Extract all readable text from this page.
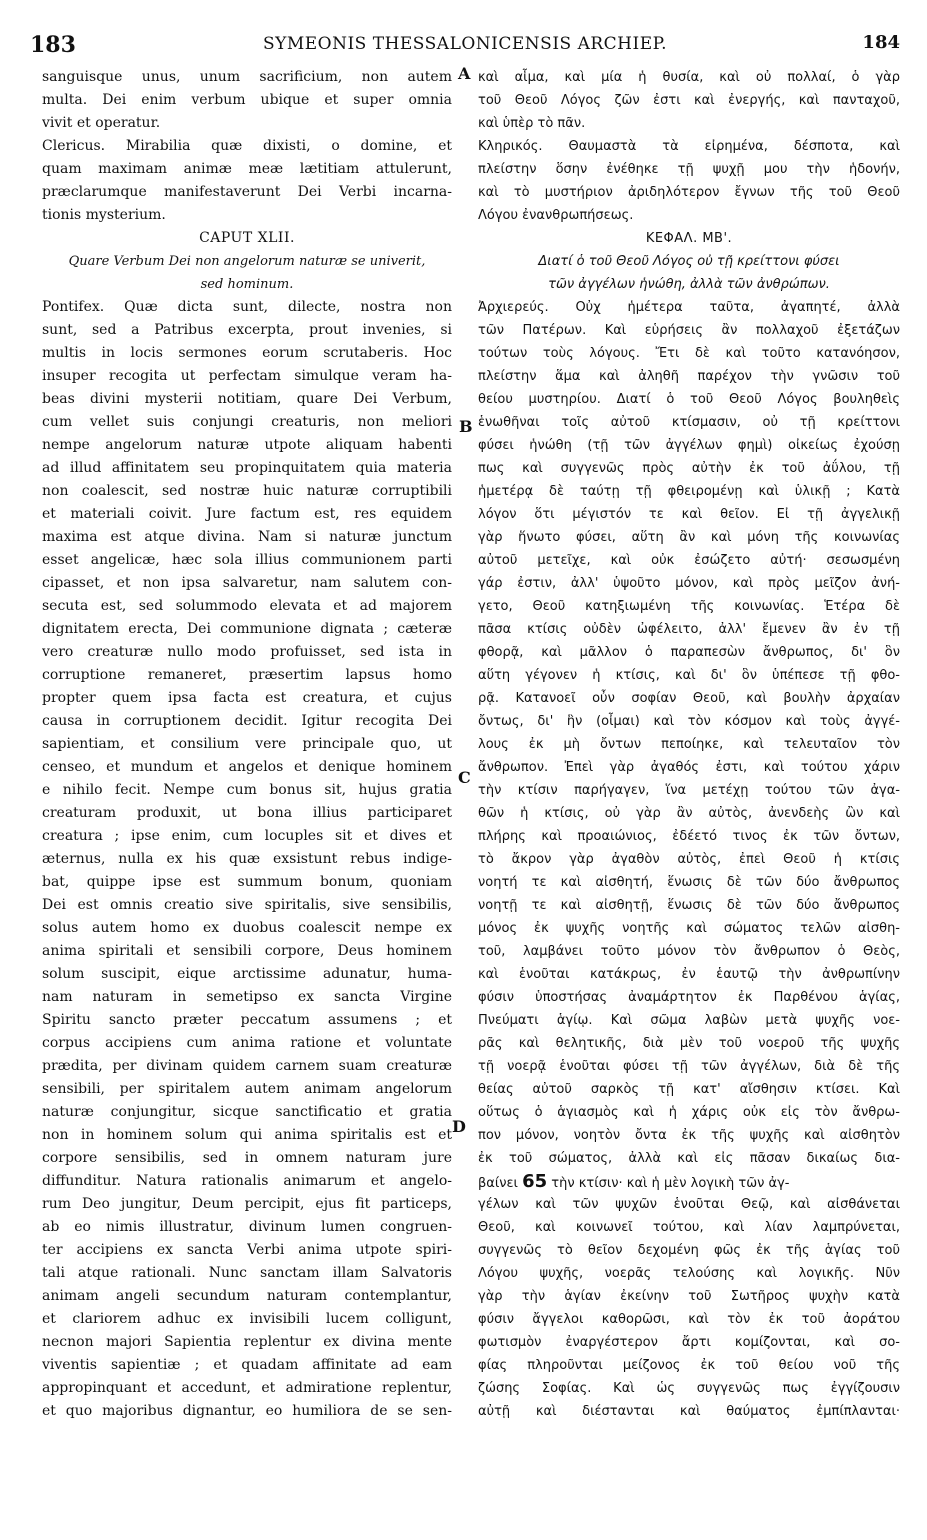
183	SYMEONIS THESSALONICENSIS ARCHIEP.	184
A
B
C
D
sanguisque unus, unum sacrificium, non autem
multa. Dei enim verbum ubique et super omnia
vivit et operatur.
Clericus. Mirabilia quæ dixisti, o domine, et
quam maximam animæ meæ lætitiam attulerunt,
præclarumque manifestaverunt Dei Verbi incarna-
tionis mysterium.
CAPUT XLII.
Quare Verbum Dei non angelorum naturæ se univerit,
sed hominum.
Pontifex. Quæ dicta sunt, dilecte, nostra non
sunt, sed a Patribus excerpta, prout invenies, si
multis in locis sermones eorum scrutaberis. Hoc
insuper recogita ut perfectam simulque veram ha-
beas divini mysterii notitiam, quare Dei Verbum,
cum vellet suis conjungi creaturis, non meliori
nempe angelorum naturæ utpote aliquam habenti
ad illud affinitatem seu propinquitatem quia materia
non coalescit, sed nostræ huic naturæ corruptibili
et materiali coivit. Jure factum est, res equidem
maxima est atque divina. Nam si naturæ junctum
esset angelicæ, hæc sola illius communionem parti
cipasset, et non ipsa salvaretur, nam salutem con-
secuta est, sed solummodo elevata et ad majorem
dignitatem erecta, Dei communione dignata ; cæteræ
vero creaturæ nullo modo profuisset, sed ista in
corruptione remaneret, præsertim lapsus homo
propter quem ipsa facta est creatura, et cujus
causa in corruptionem decidit. Igitur recogita Dei
sapientiam, et consilium vere principale quo, ut
censeo, et mundum et angelos et denique hominem
e nihilo fecit. Nempe cum bonus sit, hujus gratia
creaturam produxit, ut bona illius participaret
creatura ; ipse enim, cum locuples sit et dives et
æternus, nulla ex his quæ exsistunt rebus indige-
bat, quippe ipse est summum bonum, quoniam
Dei est omnis creatio sive spiritalis, sive sensibilis,
solus autem homo ex duobus coalescit nempe ex
anima spiritali et sensibili corpore, Deus hominem
solum suscipit, eique arctissime adunatur, huma-
nam naturam in semetipso ex sancta Virgine
Spiritu sancto præter peccatum assumens ; et
corpus accipiens cum anima ratione et voluntate
prædita, per divinam quidem carnem suam creaturæ
sensibili, per spiritalem autem animam angelorum
naturæ conjungitur, sicque sanctificatio et gratia
non in hominem solum qui anima spiritalis est et
corpore sensibilis, sed in omnem naturam jure
diffunditur. Natura rationalis animarum et angelo-
rum Deo jungitur, Deum percipit, ejus fit particeps,
ab eo nimis illustratur, divinum lumen congruen-
ter accipiens ex sancta Verbi anima utpote spiri-
tali atque rationali. Nunc sanctam illam Salvatoris
animam angeli secundum naturam contemplantur,
et clariorem adhuc ex invisibili lucem colligunt,
necnon majori Sapientia replentur ex divina mente
viventis sapientiæ ; et quadam affinitate ad eam
appropinquant et accedunt, et admiratione replentur,
et quo majoribus dignantur, eo humiliora de se sen-
καὶ αἷμα, καὶ μία ἡ θυσία, καὶ οὐ πολλαί, ὁ γὰρ
τοῦ Θεοῦ Λόγος ζῶν ἐστι καὶ ἐνεργής, καὶ πανταχοῦ,
καὶ ὑπὲρ τὸ πᾶν.
Κληρικός. Θαυμαστὰ τὰ εἰρημένα, δέσποτα, καὶ
πλείστην ὅσην ἐνέθηκε τῇ ψυχῇ μου τὴν ἡδονήν,
καὶ τὸ μυστήριον ἀριδηλότερον ἔγνων τῆς τοῦ Θεοῦ
Λόγου ἐνανθρωπήσεως.
ΚΕΦΑΛ. ΜΒ'.
Διατί ὁ τοῦ Θεοῦ Λόγος οὐ τῇ κρείττονι φύσει
τῶν ἀγγέλων ἡνώθη, ἀλλὰ τῶν ἀνθρώπων.
Ἀρχιερεύς. Οὐχ ἡμέτερα ταῦτα, ἀγαπητέ, ἀλλὰ
τῶν Πατέρων. Καὶ εὑρήσεις ἂν πολλαχοῦ ἐξετάζων
τούτων τοὺς λόγους. Ἔτι δὲ καὶ τοῦτο κατανόησον,
πλείστην ἅμα καὶ ἀληθῆ παρέχον τὴν γνῶσιν τοῦ
θείου μυστηρίου. Διατί ὁ τοῦ Θεοῦ Λόγος βουληθεὶς
ἑνωθῆναι τοῖς αὐτοῦ κτίσμασιν, οὐ τῇ κρείττονι
φύσει ἡνώθη (τῇ τῶν ἀγγέλων φημὶ) οἰκείως ἐχούσῃ
πως καὶ συγγενῶς πρὸς αὐτὴν ἐκ τοῦ ἀΰλου, τῇ
ἡμετέρᾳ δὲ ταύτῃ τῇ φθειρομένῃ καὶ ὑλικῇ ; Κατὰ
λόγον ὅτι μέγιστόν τε καὶ θεῖον. Εἰ τῇ ἀγγελικῇ
γὰρ ἥνωτο φύσει, αὕτη ἂν καὶ μόνη τῆς κοινωνίας
αὐτοῦ μετεῖχε, καὶ οὐκ ἐσώζετο αὐτή· σεσωσμένη
γάρ ἐστιν, ἀλλ' ὑψοῦτο μόνον, καὶ πρὸς μεῖζον ἀνή-
γετο, Θεοῦ κατηξιωμένη τῆς κοινωνίας. Ἑτέρα δὲ
πᾶσα κτίσις οὐδὲν ὠφέλειτο, ἀλλ' ἔμενεν ἂν ἐν τῇ
φθορᾷ, καὶ μᾶλλον ὁ παραπεσὼν ἄνθρωπος, δι' ὃν
αὕτη γέγονεν ἡ κτίσις, καὶ δι' ὃν ὑπέπεσε τῇ φθο-
ρᾷ. Κατανοεῖ οὖν σοφίαν Θεοῦ, καὶ βουλὴν ἀρχαίαν
ὄντως, δι' ἣν (οἶμαι) καὶ τὸν κόσμον καὶ τοὺς ἀγγέ-
λους ἐκ μὴ ὄντων πεποίηκε, καὶ τελευταῖον τὸν
ἄνθρωπον. Ἐπεὶ γὰρ ἀγαθός ἐστι, καὶ τούτου χάριν
τὴν κτίσιν παρήγαγεν, ἵνα μετέχῃ τούτου τῶν ἀγα-
θῶν ἡ κτίσις, οὐ γὰρ ἂν αὐτὸς, ἀνενδεὴς ὢν καὶ
πλήρης καὶ προαιώνιος, ἐδέετό τινος ἐκ τῶν ὄντων,
τὸ ἄκρον γὰρ ἀγαθὸν αὐτὸς, ἐπεὶ Θεοῦ ἡ κτίσις
νοητή τε καὶ αἰσθητή, ἕνωσις δὲ τῶν δύο ἄνθρωπος
νοητῇ τε καὶ αἰσθητῇ, ἕνωσις δὲ τῶν δύο ἄνθρωπος
μόνος ἐκ ψυχῆς νοητῆς καὶ σώματος τελῶν αἰσθη-
τοῦ, λαμβάνει τοῦτο μόνον τὸν ἄνθρωπον ὁ Θεὸς,
καὶ ἑνοῦται κατάκρως, ἐν ἑαυτῷ τὴν ἀνθρωπίνην
φύσιν ὑποστήσας ἀναμάρτητον ἐκ Παρθένου ἁγίας,
Πνεύματι ἁγίῳ. Καὶ σῶμα λαβὼν μετὰ ψυχῆς νοε-
ρᾶς καὶ θελητικῆς, διὰ μὲν τοῦ νοεροῦ τῆς ψυχῆς
τῇ νοερᾷ ἑνοῦται φύσει τῇ τῶν ἀγγέλων, διὰ δὲ τῆς
θείας αὐτοῦ σαρκὸς τῇ κατ' αἴσθησιν κτίσει. Καὶ
οὕτως ὁ ἁγιασμὸς καὶ ἡ χάρις οὐκ εἰς τὸν ἄνθρω-
πον μόνον, νοητὸν ὄντα ἐκ τῆς ψυχῆς καὶ αἰσθητὸν
ἐκ τοῦ σώματος, ἀλλὰ καὶ εἰς πᾶσαν δικαίως δια-
βαίνει 65 τὴν κτίσιν· καὶ ἡ μὲν λογικὴ τῶν ἀγ-
γέλων καὶ τῶν ψυχῶν ἑνοῦται Θεῷ, καὶ αἰσθάνεται
Θεοῦ, καὶ κοινωνεῖ τούτου, καὶ λίαν λαμπρύνεται,
συγγενῶς τὸ θεῖον δεχομένη φῶς ἐκ τῆς ἁγίας τοῦ
Λόγου ψυχῆς, νοερᾶς τελούσης καὶ λογικῆς. Νῦν
γὰρ τὴν ἁγίαν ἐκείνην τοῦ Σωτῆρος ψυχὴν κατὰ
φύσιν ἄγγελοι καθορῶσι, καὶ τὸν ἐκ τοῦ ἀοράτου
φωτισμὸν ἐναργέστερον ἄρτι κομίζονται, καὶ σο-
φίας πληροῦνται μείζονος ἐκ τοῦ θείου νοῦ τῆς
ζώσης Σοφίας. Καὶ ὡς συγγενῶς πως ἐγγίζουσιν
αὐτῇ καὶ διέστανται καὶ θαύματος ἐμπίπλανται·
